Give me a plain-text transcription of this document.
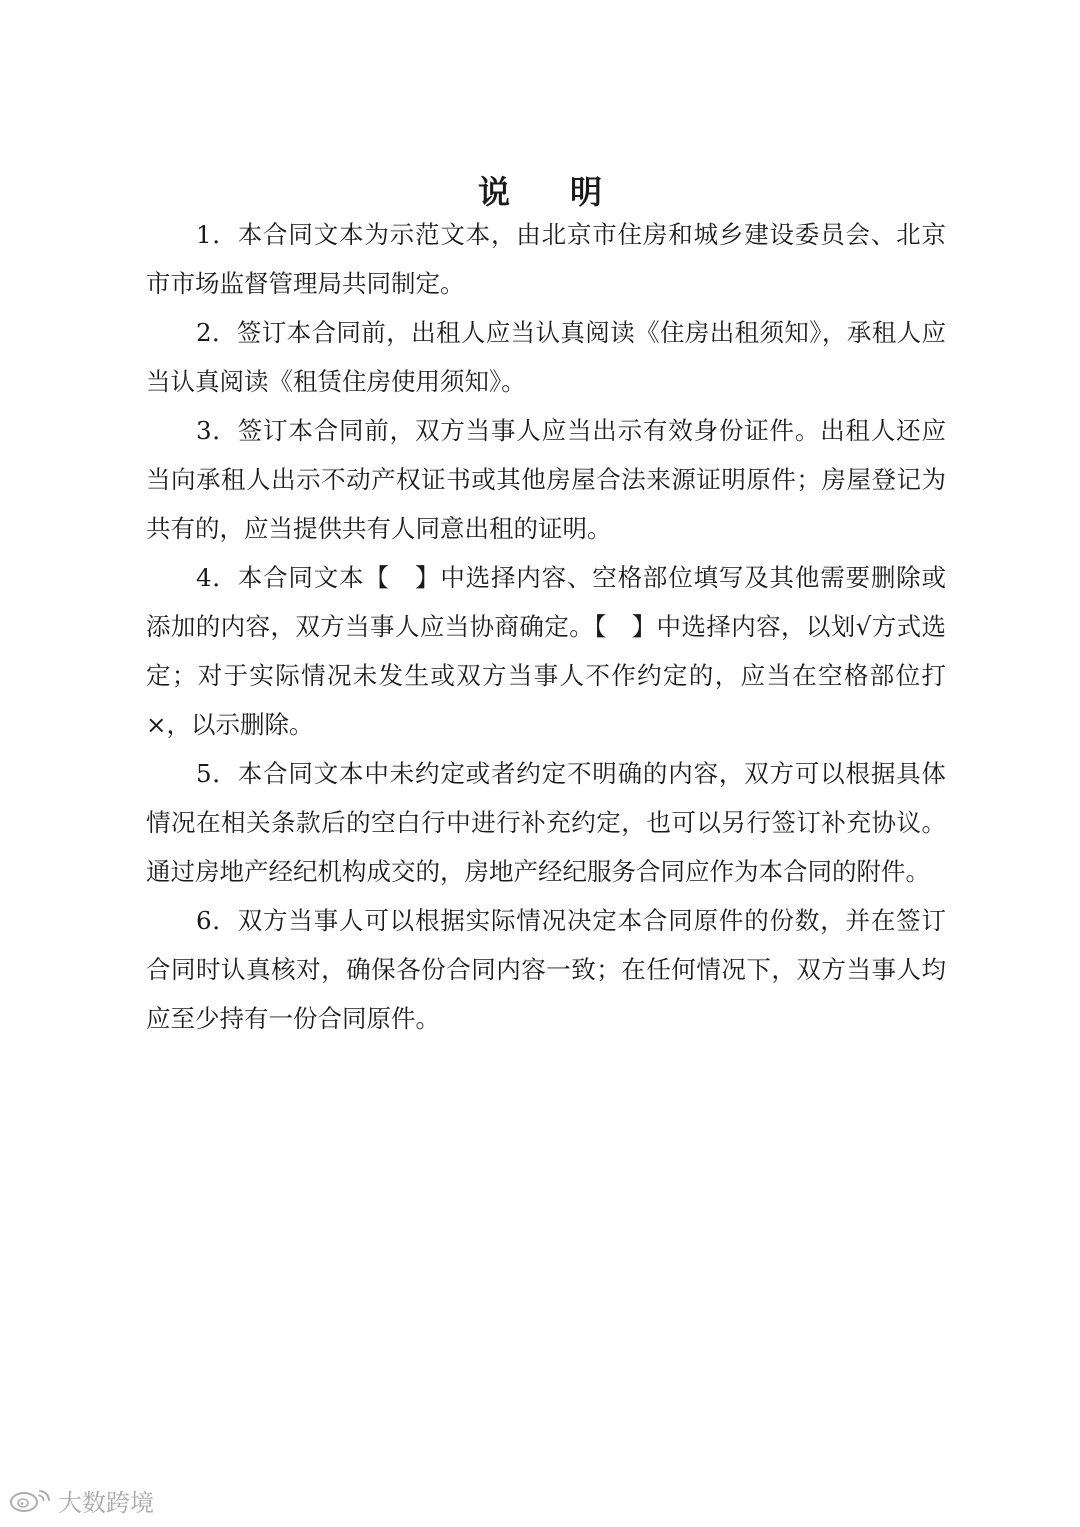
说明

1．本合同文本为示范文本，由北京市住房和城乡建设委员会、北京市市场监督管理局共同制定。

2．签订本合同前，出租人应当认真阅读《住房出租须知》，承租人应当认真阅读《租赁住房使用须知》。

3．签订本合同前，双方当事人应当出示有效身份证件。出租人还应当向承租人出示不动产权证书或其他房屋合法来源证明原件；房屋登记为共有的，应当提供共有人同意出租的证明。

4．本合同文本【　】中选择内容、空格部位填写及其他需要删除或添加的内容，双方当事人应当协商确定。【　】中选择内容，以划√方式选定；对于实际情况未发生或双方当事人不作约定的，应当在空格部位打×，以示删除。

5．本合同文本中未约定或者约定不明确的内容，双方可以根据具体情况在相关条款后的空白行中进行补充约定，也可以另行签订补充协议。通过房地产经纪机构成交的，房地产经纪服务合同应作为本合同的附件。

6．双方当事人可以根据实际情况决定本合同原件的份数，并在签订合同时认真核对，确保各份合同内容一致；在任何情况下，双方当事人均应至少持有一份合同原件。

大数跨境
